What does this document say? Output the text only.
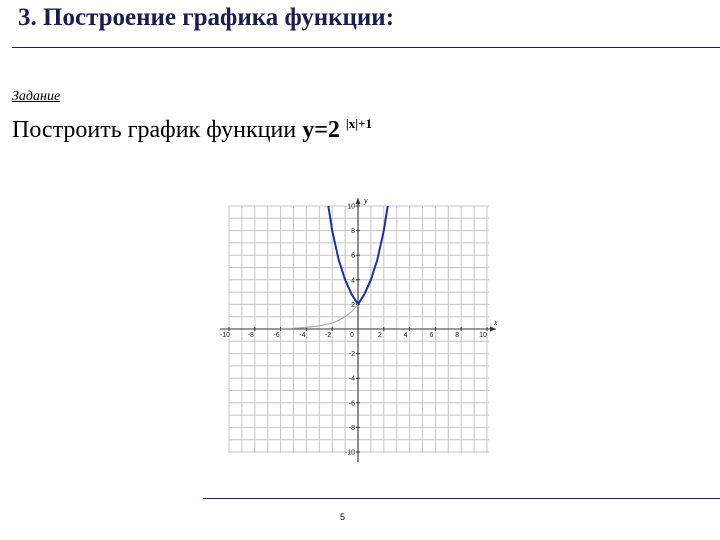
3. Построение графика функции:
Задание
Построить график функции y=2 $^{|x|+1}$
-10	-8	-6	-4	-2	0	2	4	6	8	10
10
8
6
4
2
-2
-4
-6
-8
-10
x
y
5
